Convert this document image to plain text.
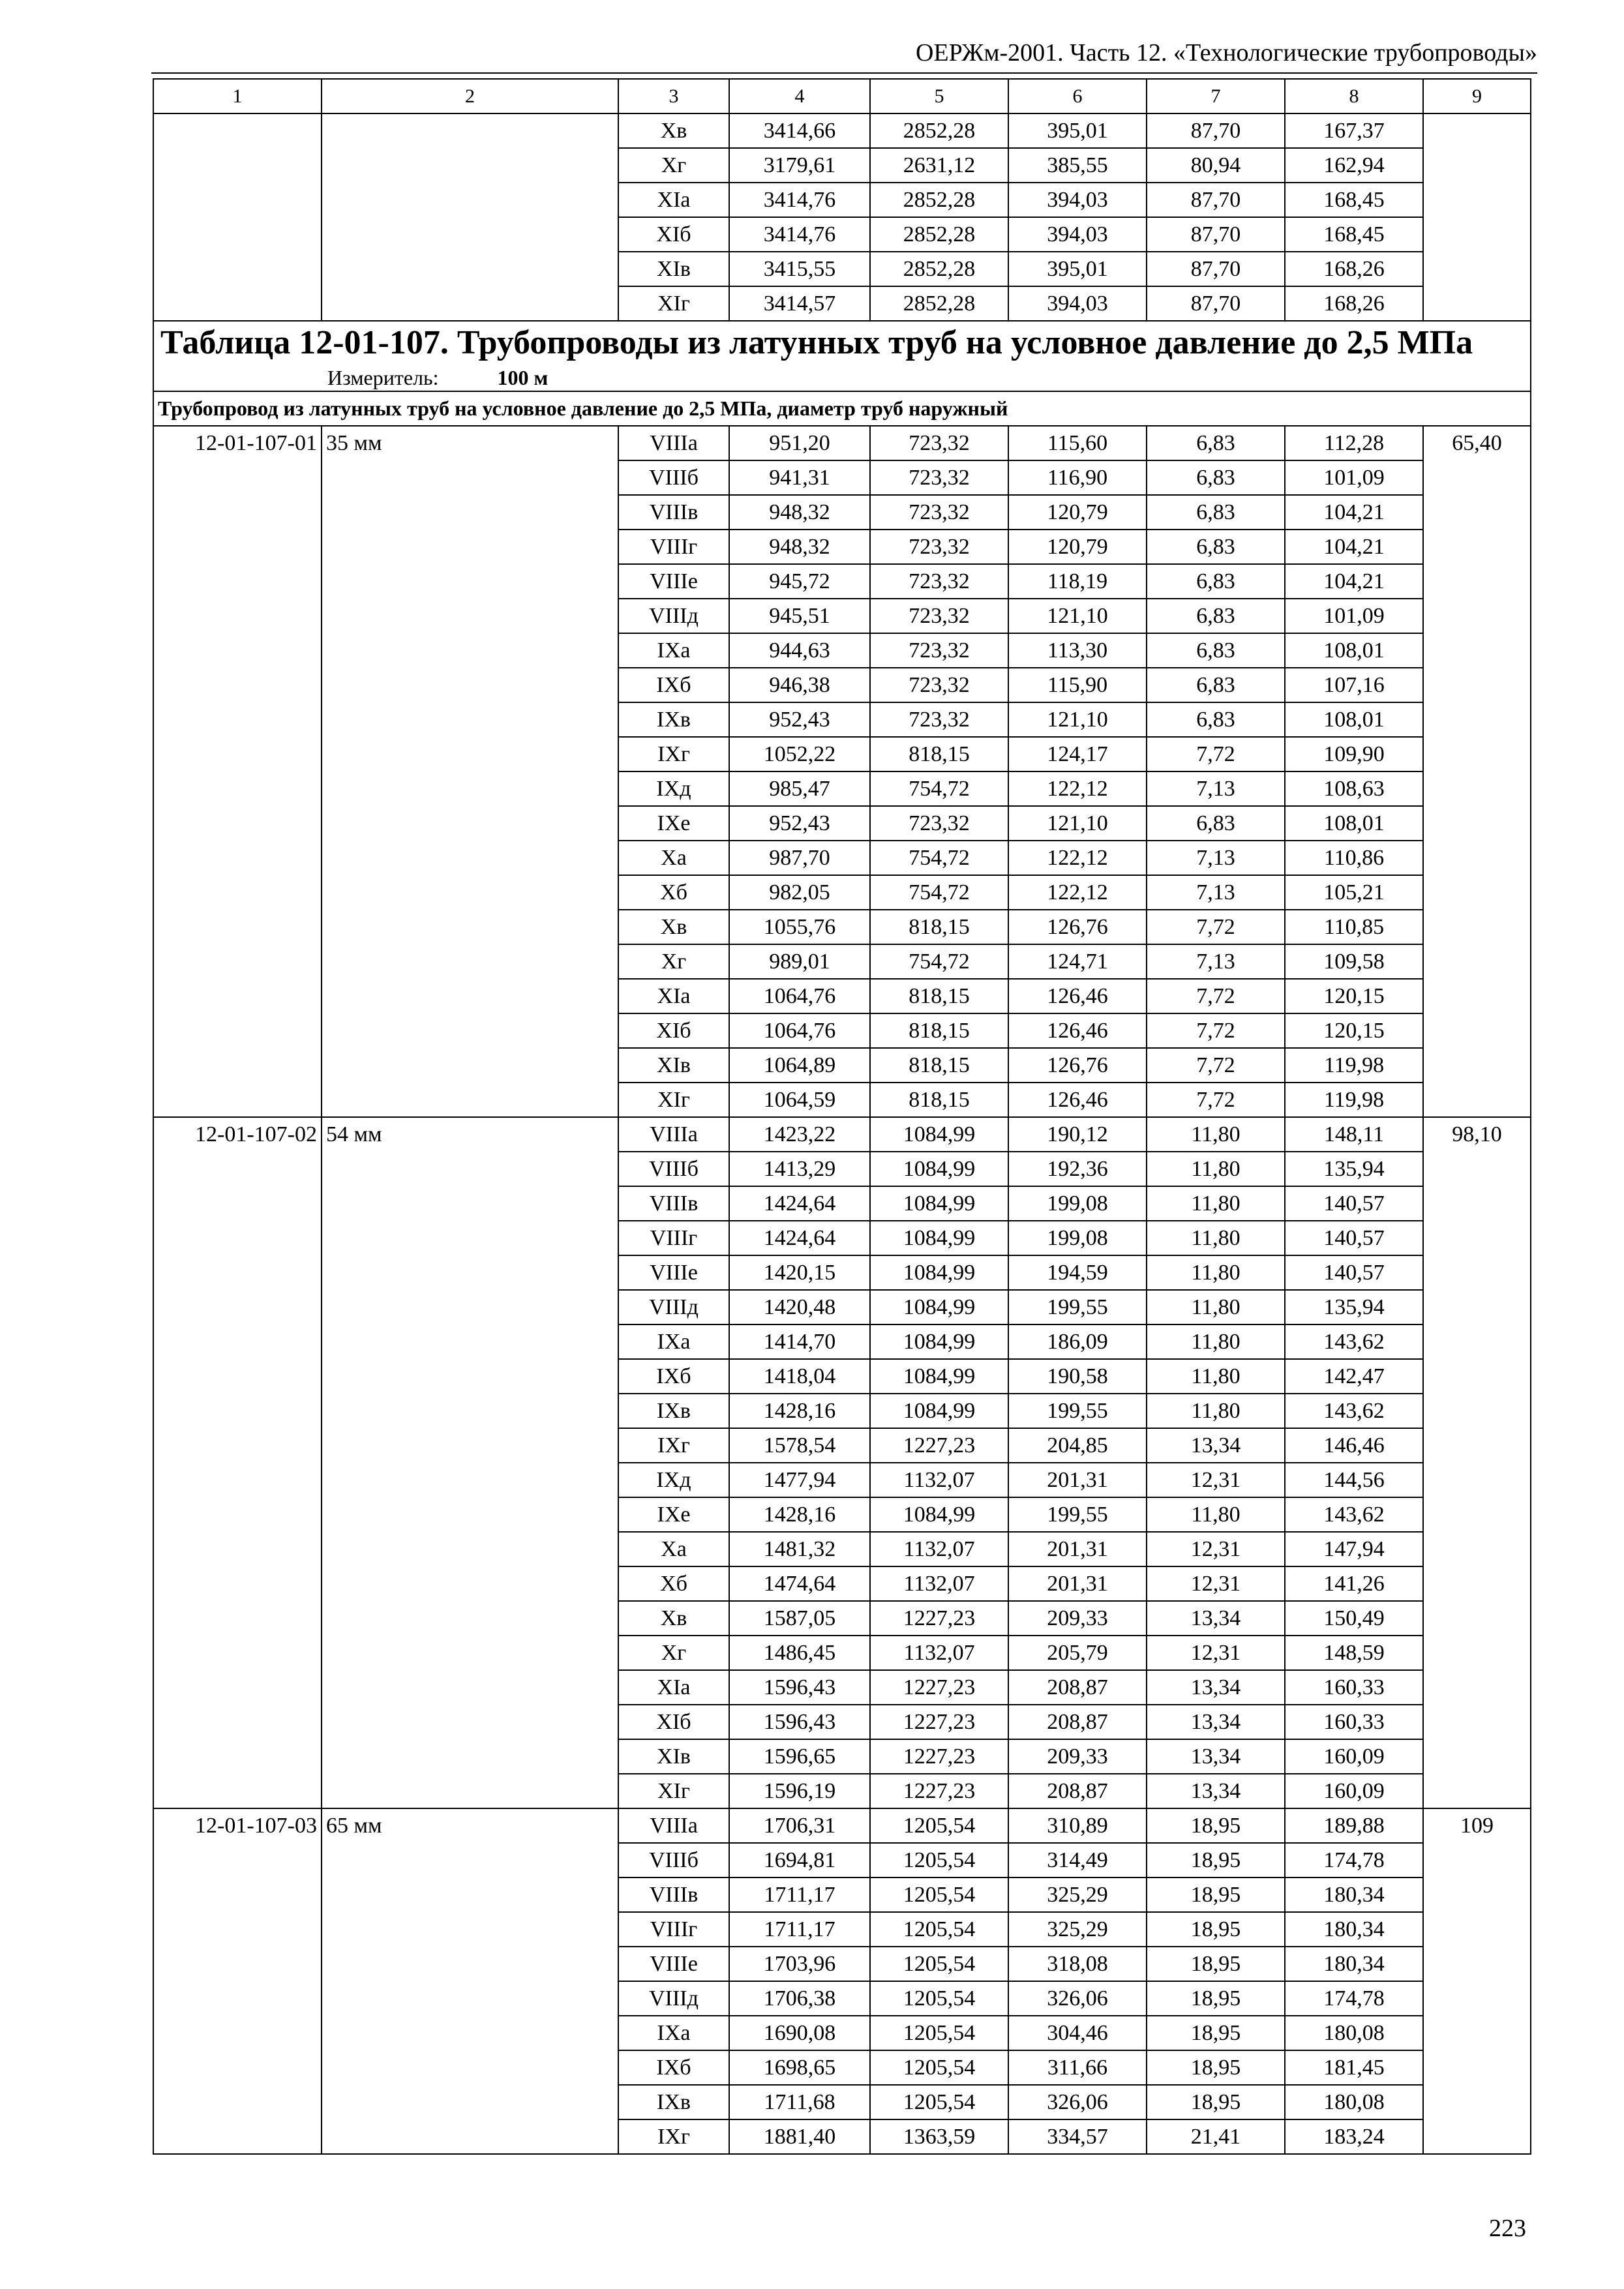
ОЕРЖм-2001. Часть 12. «Технологические трубопроводы»
1	2	3	4	5	6	7	8	9
		Xв	3414,66	2852,28	395,01	87,70	167,37	
		Xг	3179,61	2631,12	385,55	80,94	162,94	
		XIа	3414,76	2852,28	394,03	87,70	168,45	
		XIб	3414,76	2852,28	394,03	87,70	168,45	
		XIв	3415,55	2852,28	395,01	87,70	168,26	
		XIг	3414,57	2852,28	394,03	87,70	168,26	

Таблица 12-01-107. Трубопроводы из латунных труб на условное давление до 2,5 МПа
Измеритель: 100 м								

Трубопровод из латунных труб на условное давление до 2,5 МПа, диаметр труб наружный								
12-01-107-01	35 мм	VIIIа	951,20	723,32	115,60	6,83	112,28	65,40
		VIIIб	941,31	723,32	116,90	6,83	101,09	
		VIIIв	948,32	723,32	120,79	6,83	104,21	
		VIIIг	948,32	723,32	120,79	6,83	104,21	
		VIIIе	945,72	723,32	118,19	6,83	104,21	
		VIIIд	945,51	723,32	121,10	6,83	101,09	
		IXа	944,63	723,32	113,30	6,83	108,01	
		IXб	946,38	723,32	115,90	6,83	107,16	
		IXв	952,43	723,32	121,10	6,83	108,01	
		IXг	1052,22	818,15	124,17	7,72	109,90	
		IXд	985,47	754,72	122,12	7,13	108,63	
		IXе	952,43	723,32	121,10	6,83	108,01	
		Xа	987,70	754,72	122,12	7,13	110,86	
		Xб	982,05	754,72	122,12	7,13	105,21	
		Xв	1055,76	818,15	126,76	7,72	110,85	
		Xг	989,01	754,72	124,71	7,13	109,58	
		XIа	1064,76	818,15	126,46	7,72	120,15	
		XIб	1064,76	818,15	126,46	7,72	120,15	
		XIв	1064,89	818,15	126,76	7,72	119,98	
		XIг	1064,59	818,15	126,46	7,72	119,98	
12-01-107-02	54 мм	VIIIа	1423,22	1084,99	190,12	11,80	148,11	98,10
		VIIIб	1413,29	1084,99	192,36	11,80	135,94	
		VIIIв	1424,64	1084,99	199,08	11,80	140,57	
		VIIIг	1424,64	1084,99	199,08	11,80	140,57	
		VIIIе	1420,15	1084,99	194,59	11,80	140,57	
		VIIIд	1420,48	1084,99	199,55	11,80	135,94	
		IXа	1414,70	1084,99	186,09	11,80	143,62	
		IXб	1418,04	1084,99	190,58	11,80	142,47	
		IXв	1428,16	1084,99	199,55	11,80	143,62	
		IXг	1578,54	1227,23	204,85	13,34	146,46	
		IXд	1477,94	1132,07	201,31	12,31	144,56	
		IXе	1428,16	1084,99	199,55	11,80	143,62	
		Xа	1481,32	1132,07	201,31	12,31	147,94	
		Xб	1474,64	1132,07	201,31	12,31	141,26	
		Xв	1587,05	1227,23	209,33	13,34	150,49	
		Xг	1486,45	1132,07	205,79	12,31	148,59	
		XIа	1596,43	1227,23	208,87	13,34	160,33	
		XIб	1596,43	1227,23	208,87	13,34	160,33	
		XIв	1596,65	1227,23	209,33	13,34	160,09	
		XIг	1596,19	1227,23	208,87	13,34	160,09	
12-01-107-03	65 мм	VIIIа	1706,31	1205,54	310,89	18,95	189,88	109
		VIIIб	1694,81	1205,54	314,49	18,95	174,78	
		VIIIв	1711,17	1205,54	325,29	18,95	180,34	
		VIIIг	1711,17	1205,54	325,29	18,95	180,34	
		VIIIе	1703,96	1205,54	318,08	18,95	180,34	
		VIIIд	1706,38	1205,54	326,06	18,95	174,78	
		IXа	1690,08	1205,54	304,46	18,95	180,08	
		IXб	1698,65	1205,54	311,66	18,95	181,45	
		IXв	1711,68	1205,54	326,06	18,95	180,08	
		IXг	1881,40	1363,59	334,57	21,41	183,24	
223
